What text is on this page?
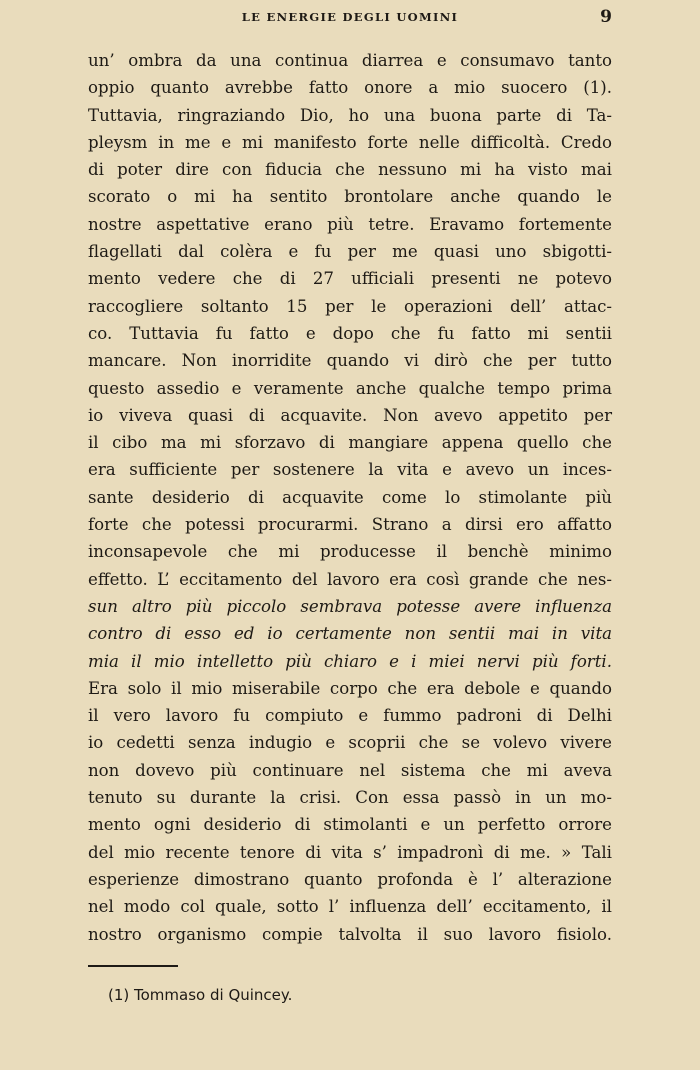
LE ENERGIE DEGLI UOMINI	9
un’ ombra da una continua diarrea e consumavo tanto
oppio quanto avrebbe fatto onore a mio suocero (1).
Tuttavia, ringraziando Dio, ho una buona parte di Ta-
pleysm in me e mi manifesto forte nelle difficoltà. Credo
di poter dire con fiducia che nessuno mi ha visto mai
scorato o mi ha sentito brontolare anche quando le
nostre aspettative erano più tetre. Eravamo fortemente
flagellati dal colèra e fu per me quasi uno sbigotti-
mento vedere che di 27 ufficiali presenti ne potevo
raccogliere soltanto 15 per le operazioni dell’ attac-
co. Tuttavia fu fatto e dopo che fu fatto mi sentii
mancare. Non inorridite quando vi dirò che per tutto
questo assedio e veramente anche qualche tempo prima
io viveva quasi di acquavite. Non avevo appetito per
il cibo ma mi sforzavo di mangiare appena quello che
era sufficiente per sostenere la vita e avevo un inces-
sante desiderio di acquavite come lo stimolante più
forte che potessi procurarmi. Strano a dirsi ero affatto
inconsapevole che mi producesse il benchè minimo
effetto. L’ eccitamento del lavoro era così grande che nes-
sun altro più piccolo sembrava potesse avere influenza
contro di esso ed io certamente non sentii mai in vita
mia il mio intelletto più chiaro e i miei nervi più forti.
Era solo il mio miserabile corpo che era debole e quando
il vero lavoro fu compiuto e fummo padroni di Delhi
io cedetti senza indugio e scoprii che se volevo vivere
non dovevo più continuare nel sistema che mi aveva
tenuto su durante la crisi. Con essa passò in un mo-
mento ogni desiderio di stimolanti e un perfetto orrore
del mio recente tenore di vita s’ impadronì di me. » Tali
esperienze dimostrano quanto profonda è l’ alterazione
nel modo col quale, sotto l’ influenza dell’ eccitamento, il
nostro organismo compie talvolta il suo lavoro fisiolo.
(1) Tommaso di Quincey.
